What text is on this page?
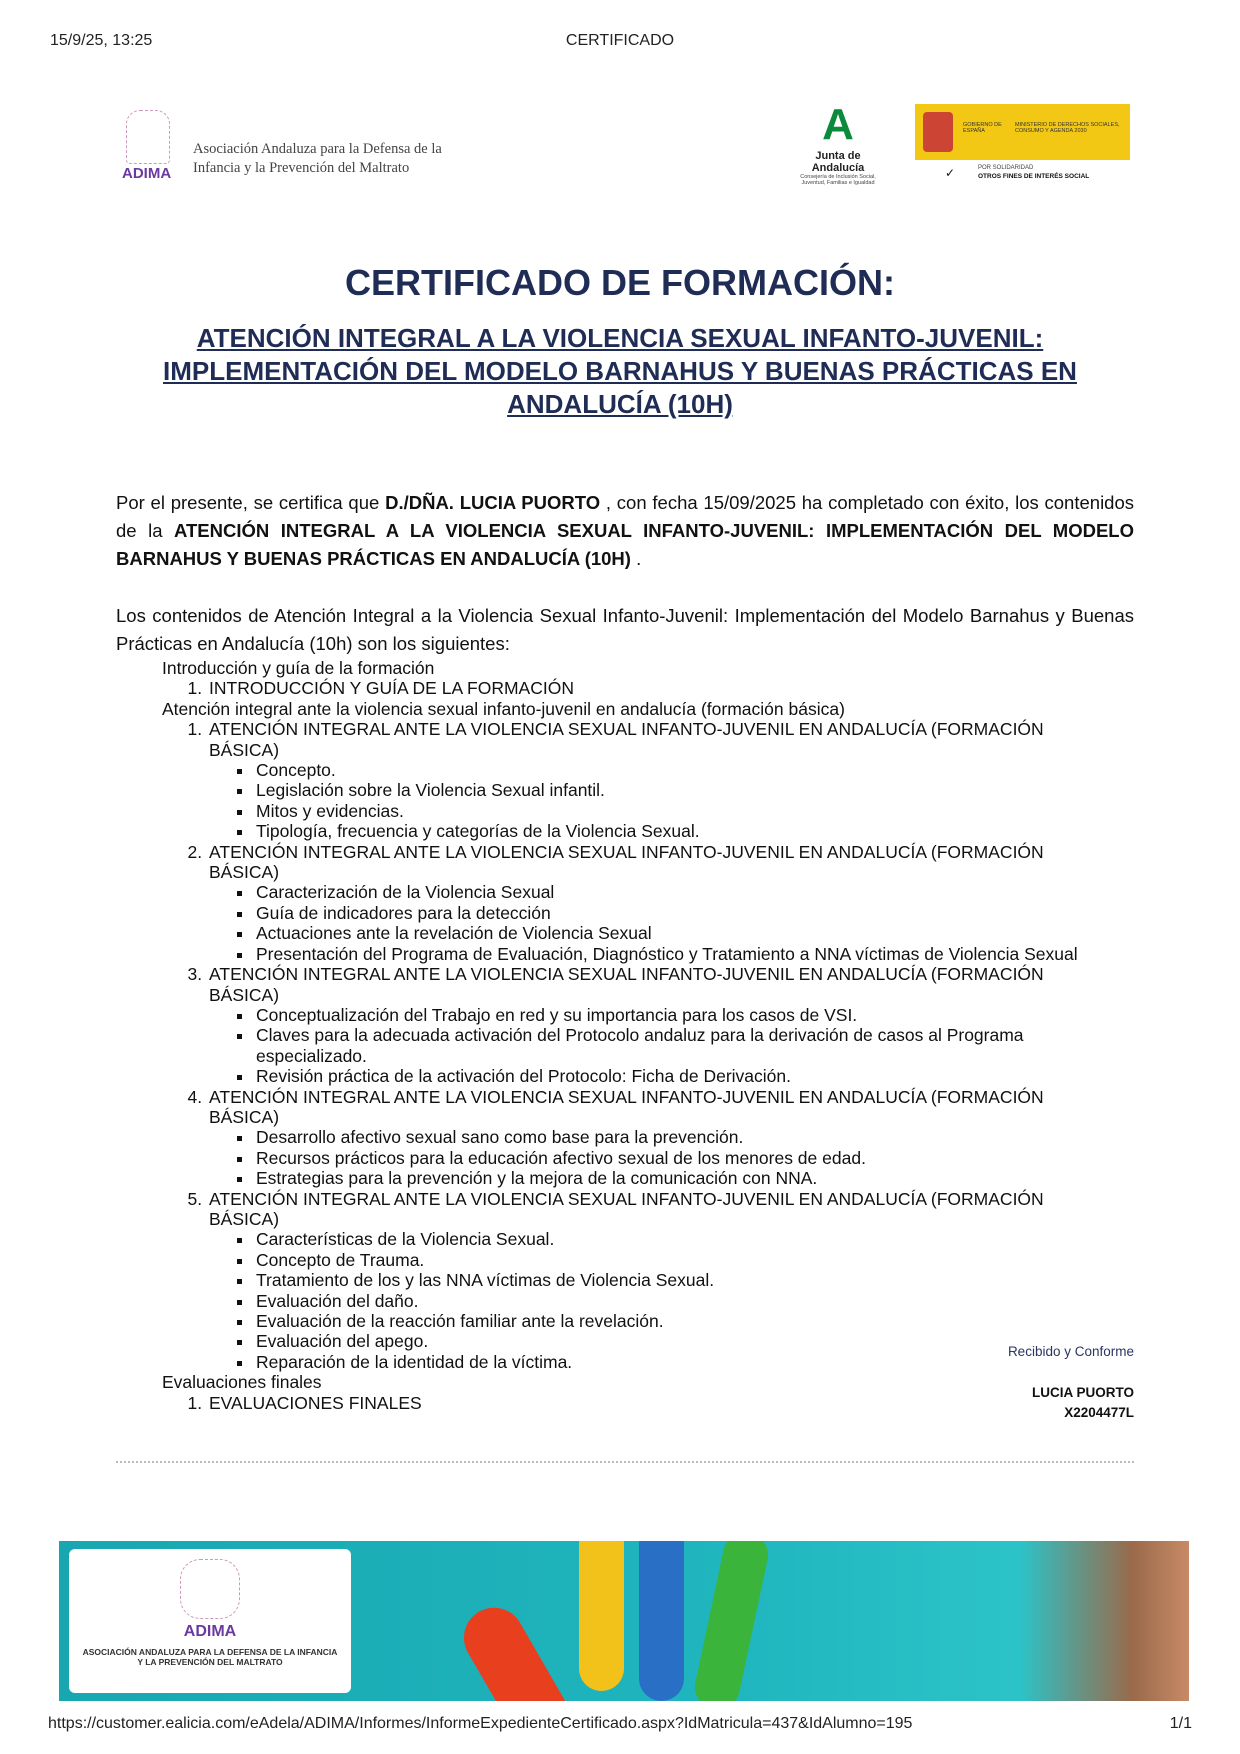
15/9/25, 13:25	CERTIFICADO
ADIMA
Asociación Andaluza para la Defensa de la
Infancia y la Prevención del Maltrato
A
Junta de Andalucía
Consejería de Inclusión Social,
Juventud, Familias e Igualdad
GOBIERNO DE ESPAÑA
MINISTERIO DE DERECHOS SOCIALES, CONSUMO Y AGENDA 2030
✓	POR SOLIDARIDAD
OTROS FINES DE INTERÉS SOCIAL
CERTIFICADO DE FORMACIÓN:
ATENCIÓN INTEGRAL A LA VIOLENCIA SEXUAL INFANTO-JUVENIL: IMPLEMENTACIÓN DEL MODELO BARNAHUS Y BUENAS PRÁCTICAS EN ANDALUCÍA (10H)

Por el presente, se certifica que D./DÑA. LUCIA PUORTO , con fecha 15/09/2025 ha completado con éxito, los contenidos de la ATENCIÓN INTEGRAL A LA VIOLENCIA SEXUAL INFANTO-JUVENIL: IMPLEMENTACIÓN DEL MODELO BARNAHUS Y BUENAS PRÁCTICAS EN ANDALUCÍA (10H) .

Los contenidos de Atención Integral a la Violencia Sexual Infanto-Juvenil: Implementación del Modelo Barnahus y Buenas Prácticas en Andalucía (10h) son los siguientes:

Introducción y guía de la formación
1. INTRODUCCIÓN Y GUÍA DE LA FORMACIÓN
Atención integral ante la violencia sexual infanto-juvenil en andalucía (formación básica)
1. ATENCIÓN INTEGRAL ANTE LA VIOLENCIA SEXUAL INFANTO-JUVENIL EN ANDALUCÍA (FORMACIÓN BÁSICA)
▪ Concepto.
▪ Legislación sobre la Violencia Sexual infantil.
▪ Mitos y evidencias.
▪ Tipología, frecuencia y categorías de la Violencia Sexual.
2. ATENCIÓN INTEGRAL ANTE LA VIOLENCIA SEXUAL INFANTO-JUVENIL EN ANDALUCÍA (FORMACIÓN BÁSICA)
▪ Caracterización de la Violencia Sexual
▪ Guía de indicadores para la detección
▪ Actuaciones ante la revelación de Violencia Sexual
▪ Presentación del Programa de Evaluación, Diagnóstico y Tratamiento a NNA víctimas de Violencia Sexual
3. ATENCIÓN INTEGRAL ANTE LA VIOLENCIA SEXUAL INFANTO-JUVENIL EN ANDALUCÍA (FORMACIÓN BÁSICA)
▪ Conceptualización del Trabajo en red y su importancia para los casos de VSI.
▪ Claves para la adecuada activación del Protocolo andaluz para la derivación de casos al Programa especializado.
▪ Revisión práctica de la activación del Protocolo: Ficha de Derivación.
4. ATENCIÓN INTEGRAL ANTE LA VIOLENCIA SEXUAL INFANTO-JUVENIL EN ANDALUCÍA (FORMACIÓN BÁSICA)
▪ Desarrollo afectivo sexual sano como base para la prevención.
▪ Recursos prácticos para la educación afectivo sexual de los menores de edad.
▪ Estrategias para la prevención y la mejora de la comunicación con NNA.
5. ATENCIÓN INTEGRAL ANTE LA VIOLENCIA SEXUAL INFANTO-JUVENIL EN ANDALUCÍA (FORMACIÓN BÁSICA)
▪ Características de la Violencia Sexual.
▪ Concepto de Trauma.
▪ Tratamiento de los y las NNA víctimas de Violencia Sexual.
▪ Evaluación del daño.
▪ Evaluación de la reacción familiar ante la revelación.
▪ Evaluación del apego.
▪ Reparación de la identidad de la víctima.
Evaluaciones finales
1. EVALUACIONES FINALES
Recibido y Conforme
LUCIA PUORTO
X2204477L
ADIMA
ASOCIACIÓN ANDALUZA PARA LA DEFENSA DE LA INFANCIA
Y LA PREVENCIÓN DEL MALTRATO
https://customer.ealicia.com/eAdela/ADIMA/Informes/InformeExpedienteCertificado.aspx?IdMatricula=437&IdAlumno=195	1/1
